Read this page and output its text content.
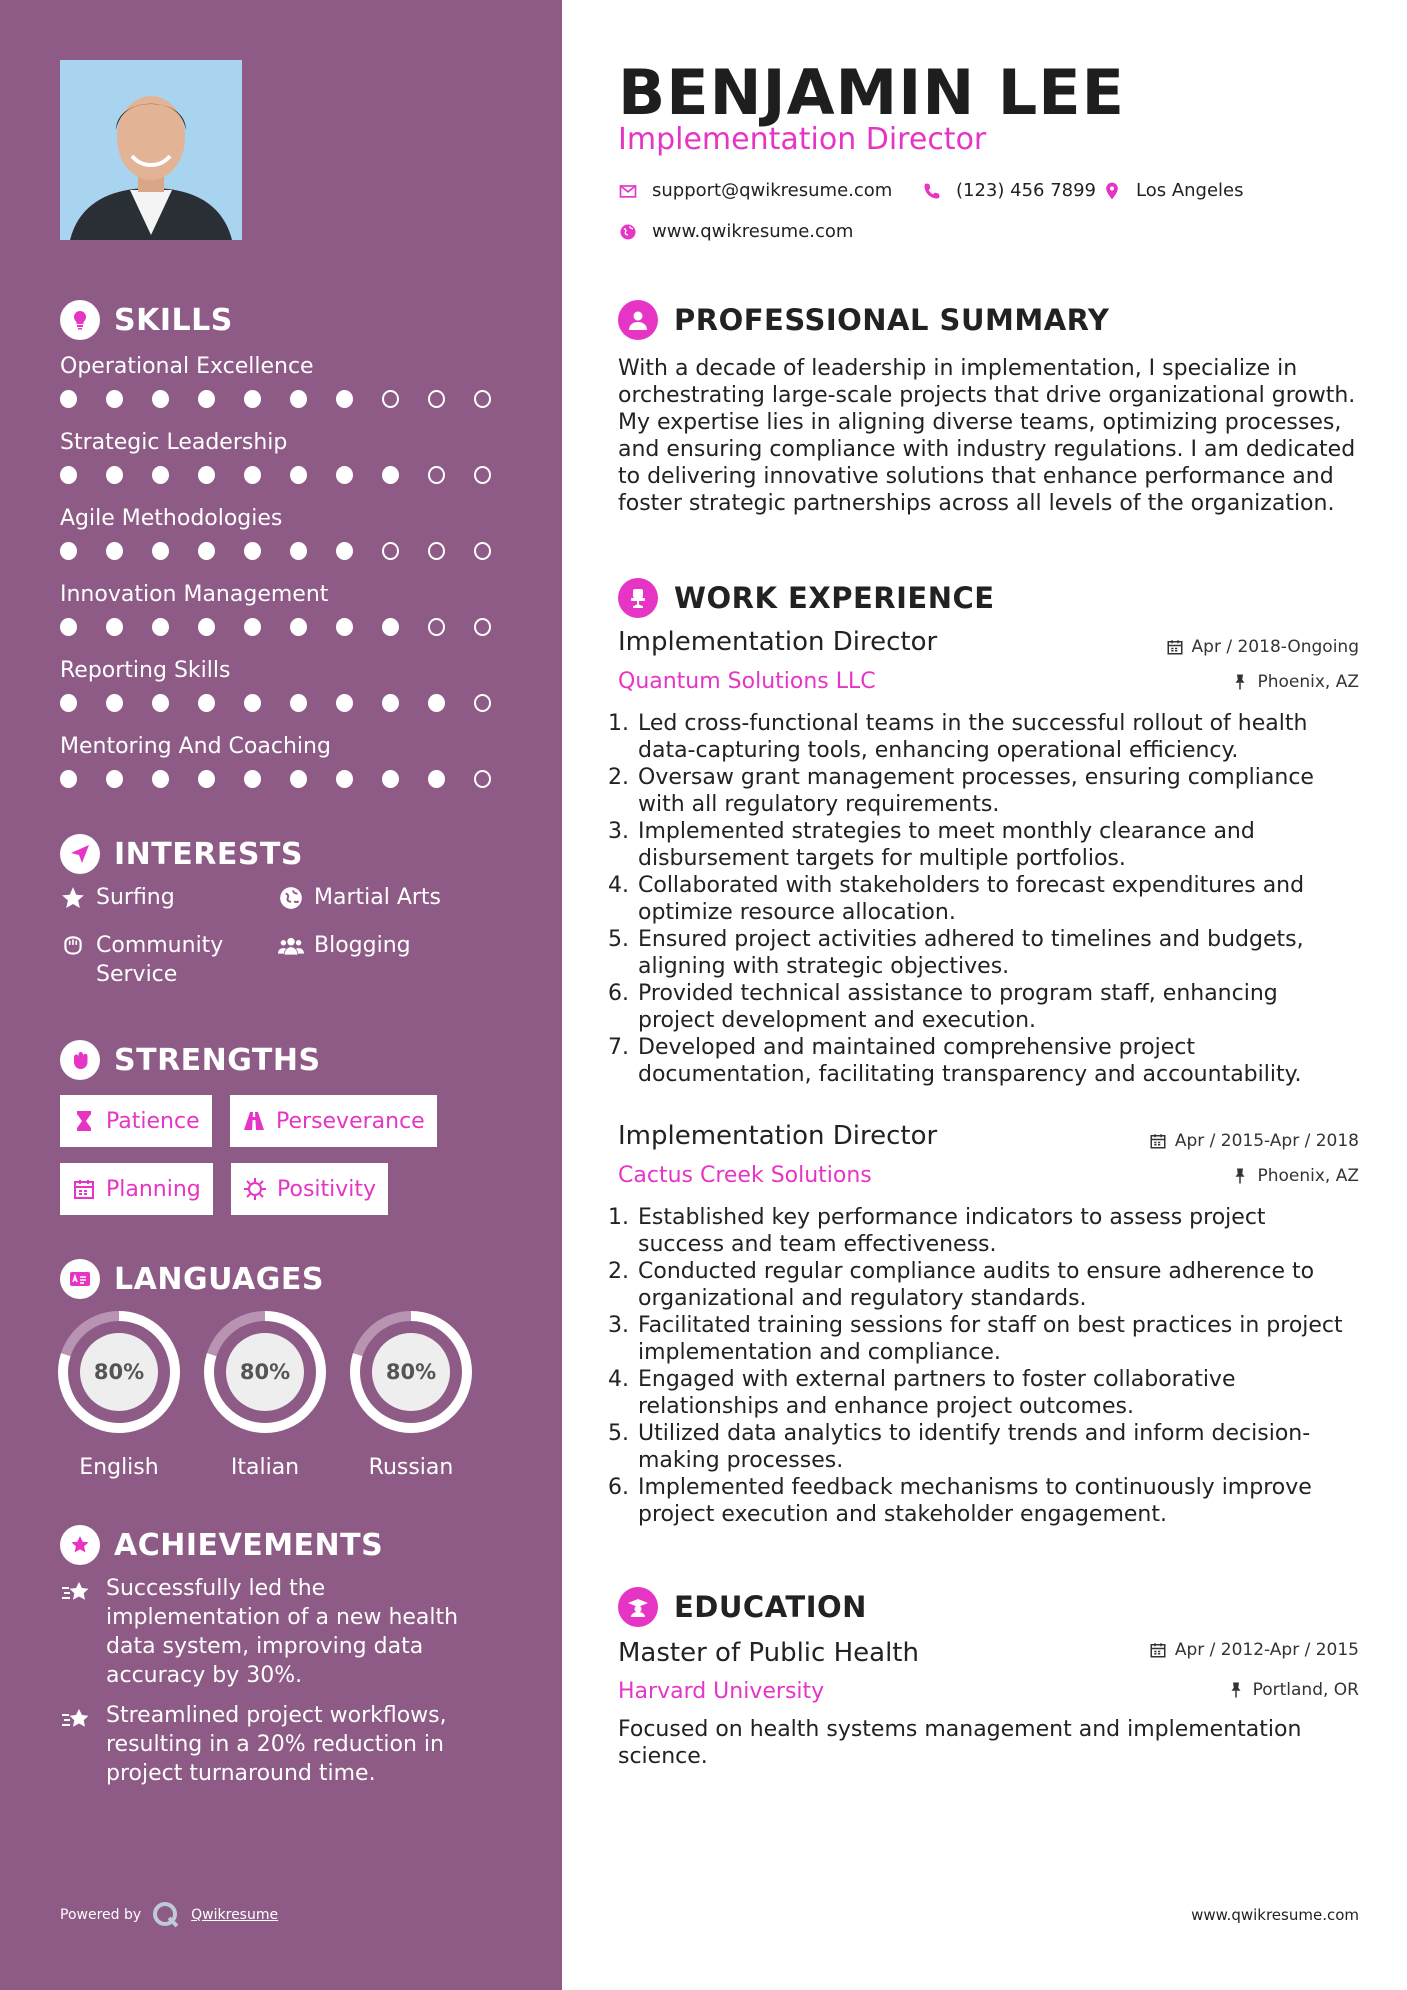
SKILLS
Operational Excellence
Strategic Leadership
Agile Methodologies
Innovation Management
Reporting Skills
Mentoring And Coaching
INTERESTS
Surfing	Martial Arts
Community Service
Blogging
STRENGTHS
Patience	Perseverance
Planning	Positivity
LANGUAGES
80%
English
80%
Italian
80%
Russian
ACHIEVEMENTS
Successfully led the implementation of a new health data system, improving data accuracy by 30%.
Streamlined project workflows, resulting in a 20% reduction in project turnaround time.
Powered by	Qwikresume
BENJAMIN LEE
Implementation Director
support@qwikresume.com	(123) 456 7899 Los Angeles
www.qwikresume.com
PROFESSIONAL SUMMARY
With a decade of leadership in implementation, I specialize in orchestrating large-scale projects that drive organizational growth. My expertise lies in aligning diverse teams, optimizing processes, and ensuring compliance with industry regulations. I am dedicated to delivering innovative solutions that enhance performance and foster strategic partnerships across all levels of the organization.
WORK EXPERIENCE
Implementation Director
Quantum Solutions LLC
Apr / 2018-Ongoing
Phoenix, AZ
1. Led cross-functional teams in the successful rollout of health data-capturing tools, enhancing operational efficiency.
2. Oversaw grant management processes, ensuring compliance with all regulatory requirements.
3. Implemented strategies to meet monthly clearance and disbursement targets for multiple portfolios.
4. Collaborated with stakeholders to forecast expenditures and optimize resource allocation.
5. Ensured project activities adhered to timelines and budgets, aligning with strategic objectives.
6. Provided technical assistance to program staff, enhancing project development and execution.
7. Developed and maintained comprehensive project documentation, facilitating transparency and accountability.
Implementation Director
Cactus Creek Solutions
Apr / 2015-Apr / 2018
Phoenix, AZ
1. Established key performance indicators to assess project success and team effectiveness.
2. Conducted regular compliance audits to ensure adherence to organizational and regulatory standards.
3. Facilitated training sessions for staff on best practices in project implementation and compliance.
4. Engaged with external partners to foster collaborative relationships and enhance project outcomes.
5. Utilized data analytics to identify trends and inform decision-making processes.
6. Implemented feedback mechanisms to continuously improve project execution and stakeholder engagement.
EDUCATION
Master of Public Health
Harvard University
Apr / 2012-Apr / 2015
Portland, OR
Focused on health systems management and implementation science.
www.qwikresume.com
